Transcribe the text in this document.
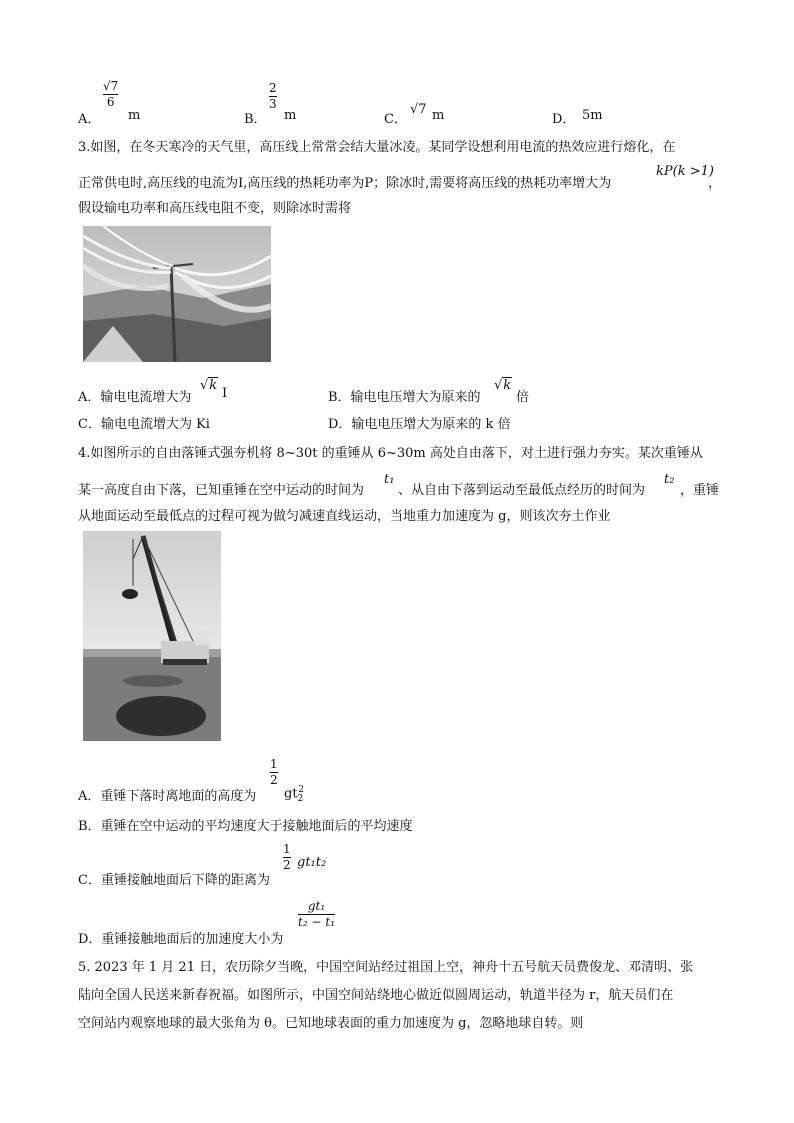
A．
√7
6
m	B．
2
3
m	C．
√7 m	D． 5m
3.如图，在冬天寒冷的天气里，高压线上常常会结大量冰凌。某同学设想利用电流的热效应进行熔化，在
正常供电时,高压线的电流为I,高压线的热耗功率为P；除冰时,需要将高压线的热耗功率增大为
kP(k >1)
，
假设输电功率和高压线电阻不变，则除冰时需将
A．输电电流增大为
√k
I	B．输电电压增大为原来的
√k
倍
C．输电电流增大为 Ki	D．输电电压增大为原来的 k 倍
4.如图所示的自由落锤式强夯机将 8~30t 的重锤从 6~30m 高处自由落下，对土进行强力夯实。某次重锤从
某一高度自由下落，已知重锤在空中运动的时间为
t₁
、从自由下落到运动至最低点经历的时间为
t₂
，重锤
从地面运动至最低点的过程可视为做匀减速直线运动，当地重力加速度为 g，则该次夯土作业
A．重锤下落时离地面的高度为
1
2
$gt_2^2$
B．重锤在空中运动的平均速度大于接触地面后的平均速度
C．重锤接触地面后下降的距离为
1
2 gt₁t₂
D．重锤接触地面后的加速度大小为
gt₁
t₂ − t₁
5. 2023 年 1 月 21 日，农历除夕当晚，中国空间站经过祖国上空，神舟十五号航天员费俊龙、邓清明、张
陆向全国人民送来新春祝福。如图所示，中国空间站绕地心做近似圆周运动，轨道半径为 r，航天员们在
空间站内观察地球的最大张角为 θ。已知地球表面的重力加速度为 g，忽略地球自转。则
